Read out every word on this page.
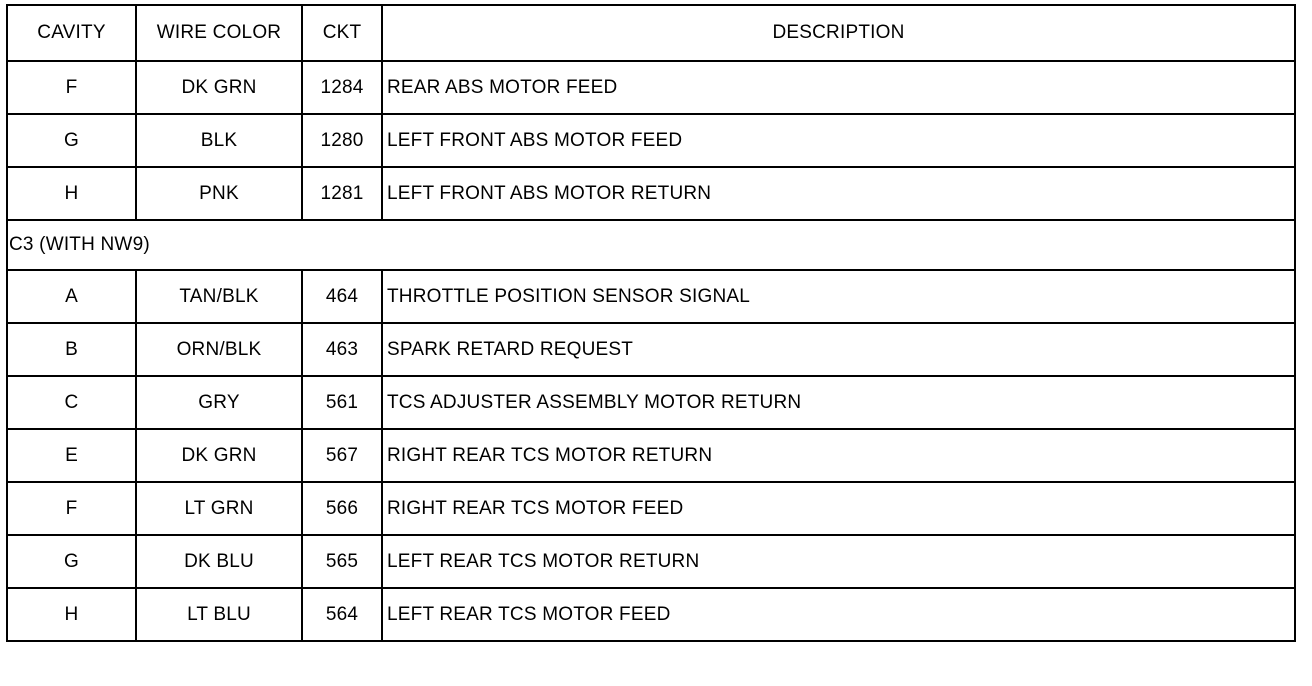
CAVITY	WIRE COLOR	CKT	DESCRIPTION
F	DK GRN	1284	REAR ABS MOTOR FEED
G	BLK	1280	LEFT FRONT ABS MOTOR FEED
H	PNK	1281	LEFT FRONT ABS MOTOR RETURN
C3 (WITH NW9)			
A	TAN/BLK	464	THROTTLE POSITION SENSOR SIGNAL
B	ORN/BLK	463	SPARK RETARD REQUEST
C	GRY	561	TCS ADJUSTER ASSEMBLY MOTOR RETURN
E	DK GRN	567	RIGHT REAR TCS MOTOR RETURN
F	LT GRN	566	RIGHT REAR TCS MOTOR FEED
G	DK BLU	565	LEFT REAR TCS MOTOR RETURN
H	LT BLU	564	LEFT REAR TCS MOTOR FEED
